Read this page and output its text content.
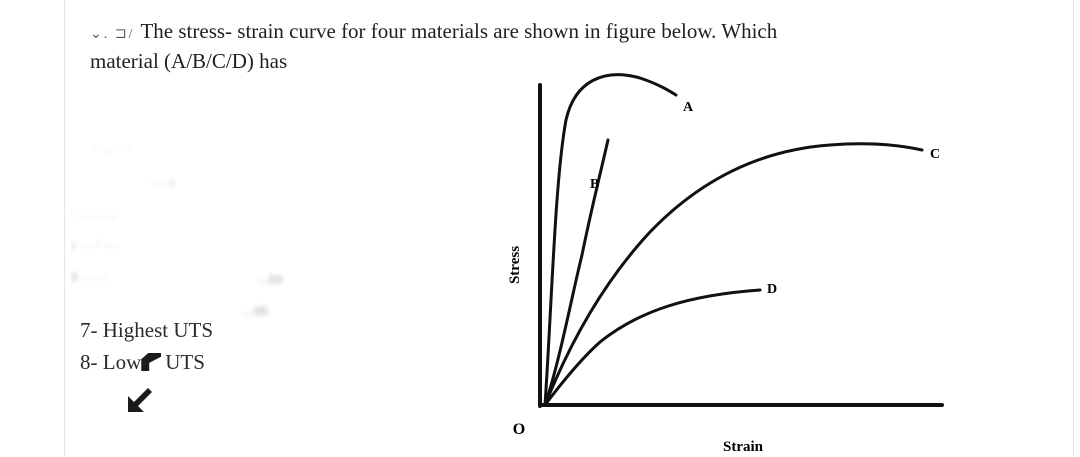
⌄. ⊐/ The stress- strain curve for four materials are shown in figure below. Which
material (A/B/C/D) has
· · , · · ·
·· .·ı
ʾ · · · · ··
ı · · ·ʼ ·· ·
ɛ̃ · · · ·	...ss
...stı
7- Highest UTS
8- Low UTS
A
B
C
D
Stress
Strain
O
